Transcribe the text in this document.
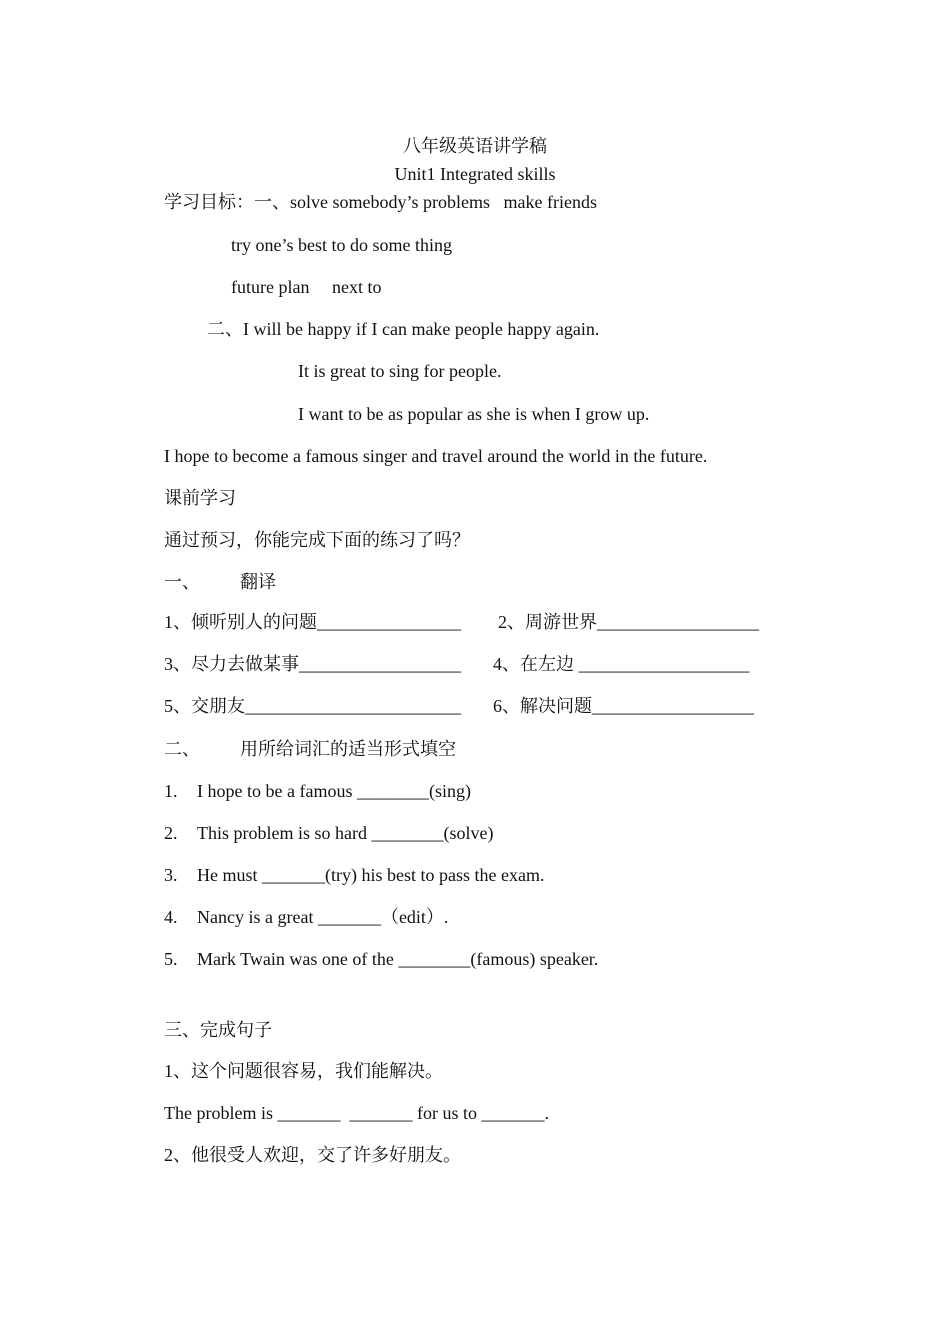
八年级英语讲学稿
Unit1 Integrated skills
学习目标：一、solve somebody’s problems   make friends
try one’s best to do some thing
future plan     next to
二、I will be happy if I can make people happy again.
It is great to sing for people.
I want to be as popular as she is when I grow up.
I hope to become a famous singer and travel around the world in the future.
课前学习
通过预习，你能完成下面的练习了吗？
一、 翻译
1、倾听别人的问题________________ 2、周游世界__________________
3、尽力去做某事__________________ 4、在左边 ___________________
5、交朋友________________________ 6、解决问题__________________
二、 用所给词汇的适当形式填空
1. I hope to be a famous ________(sing)
2. This problem is so hard ________(solve)
3. He must _______(try) his best to pass the exam.
4. Nancy is a great _______（edit）.
5. Mark Twain was one of the ________(famous) speaker.
三、完成句子
1、这个问题很容易，我们能解决。
The problem is _______  _______ for us to _______.
2、他很受人欢迎，交了许多好朋友。
